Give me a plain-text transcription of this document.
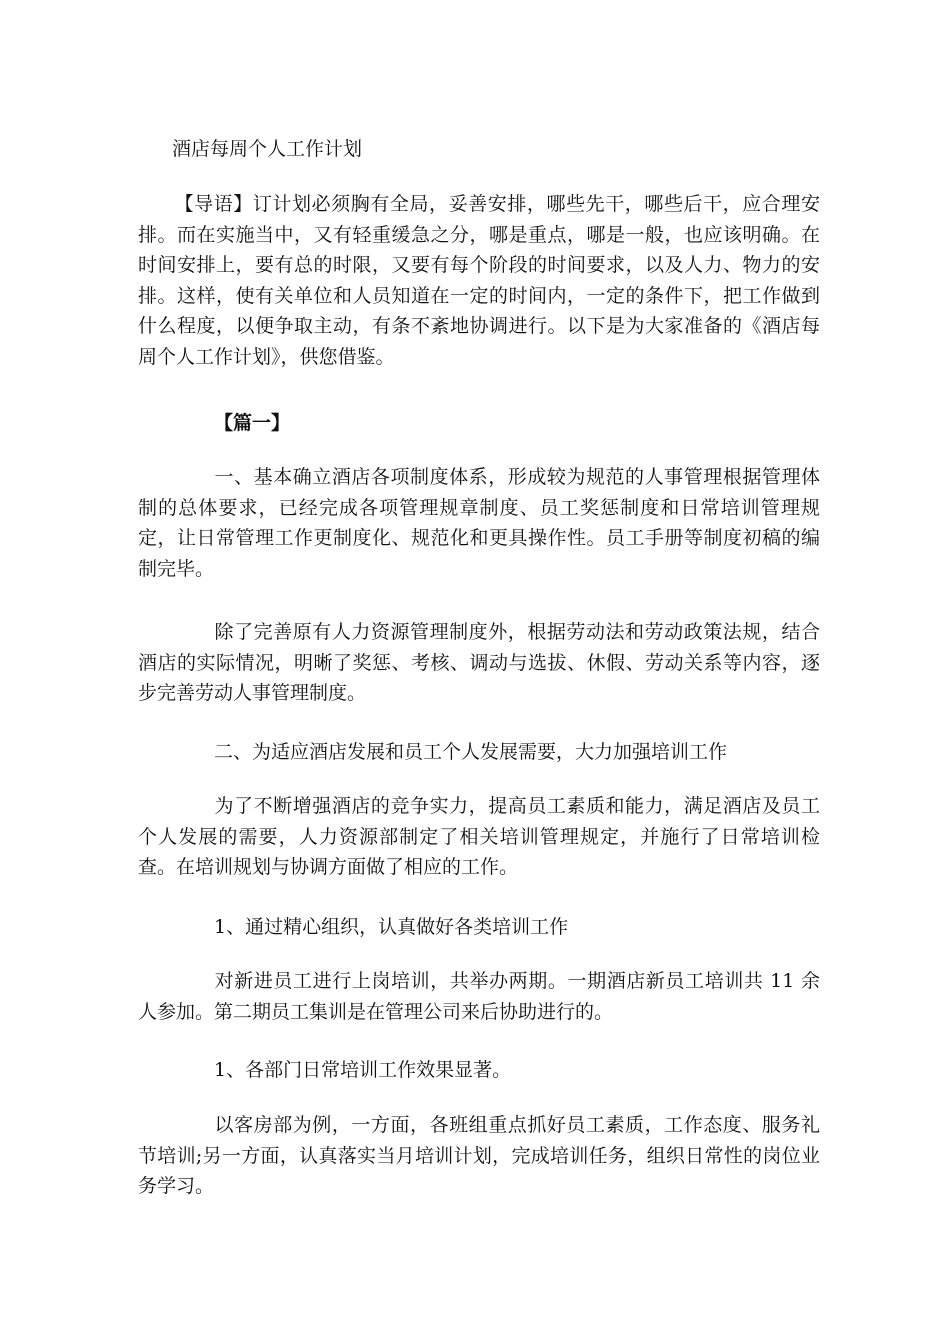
酒店每周个人工作计划

【导语】订计划必须胸有全局，妥善安排，哪些先干，哪些后干，应合理安排。而在实施当中，又有轻重缓急之分，哪是重点，哪是一般，也应该明确。在时间安排上，要有总的时限，又要有每个阶段的时间要求，以及人力、物力的安排。这样，使有关单位和人员知道在一定的时间内，一定的条件下，把工作做到什么程度，以便争取主动，有条不紊地协调进行。以下是为大家准备的《酒店每周个人工作计划》，供您借鉴。

【篇一】

一、基本确立酒店各项制度体系，形成较为规范的人事管理根据管理体制的总体要求，已经完成各项管理规章制度、员工奖惩制度和日常培训管理规定，让日常管理工作更制度化、规范化和更具操作性。员工手册等制度初稿的编制完毕。

除了完善原有人力资源管理制度外，根据劳动法和劳动政策法规，结合酒店的实际情况，明晰了奖惩、考核、调动与选拔、休假、劳动关系等内容，逐步完善劳动人事管理制度。

二、为适应酒店发展和员工个人发展需要，大力加强培训工作

为了不断增强酒店的竞争实力，提高员工素质和能力，满足酒店及员工个人发展的需要，人力资源部制定了相关培训管理规定，并施行了日常培训检查。在培训规划与协调方面做了相应的工作。

1、通过精心组织，认真做好各类培训工作

对新进员工进行上岗培训，共举办两期。一期酒店新员工培训共 11 余人参加。第二期员工集训是在管理公司来后协助进行的。

1、各部门日常培训工作效果显著。

以客房部为例，一方面，各班组重点抓好员工素质，工作态度、服务礼节培训;另一方面，认真落实当月培训计划，完成培训任务，组织日常性的岗位业务学习。
